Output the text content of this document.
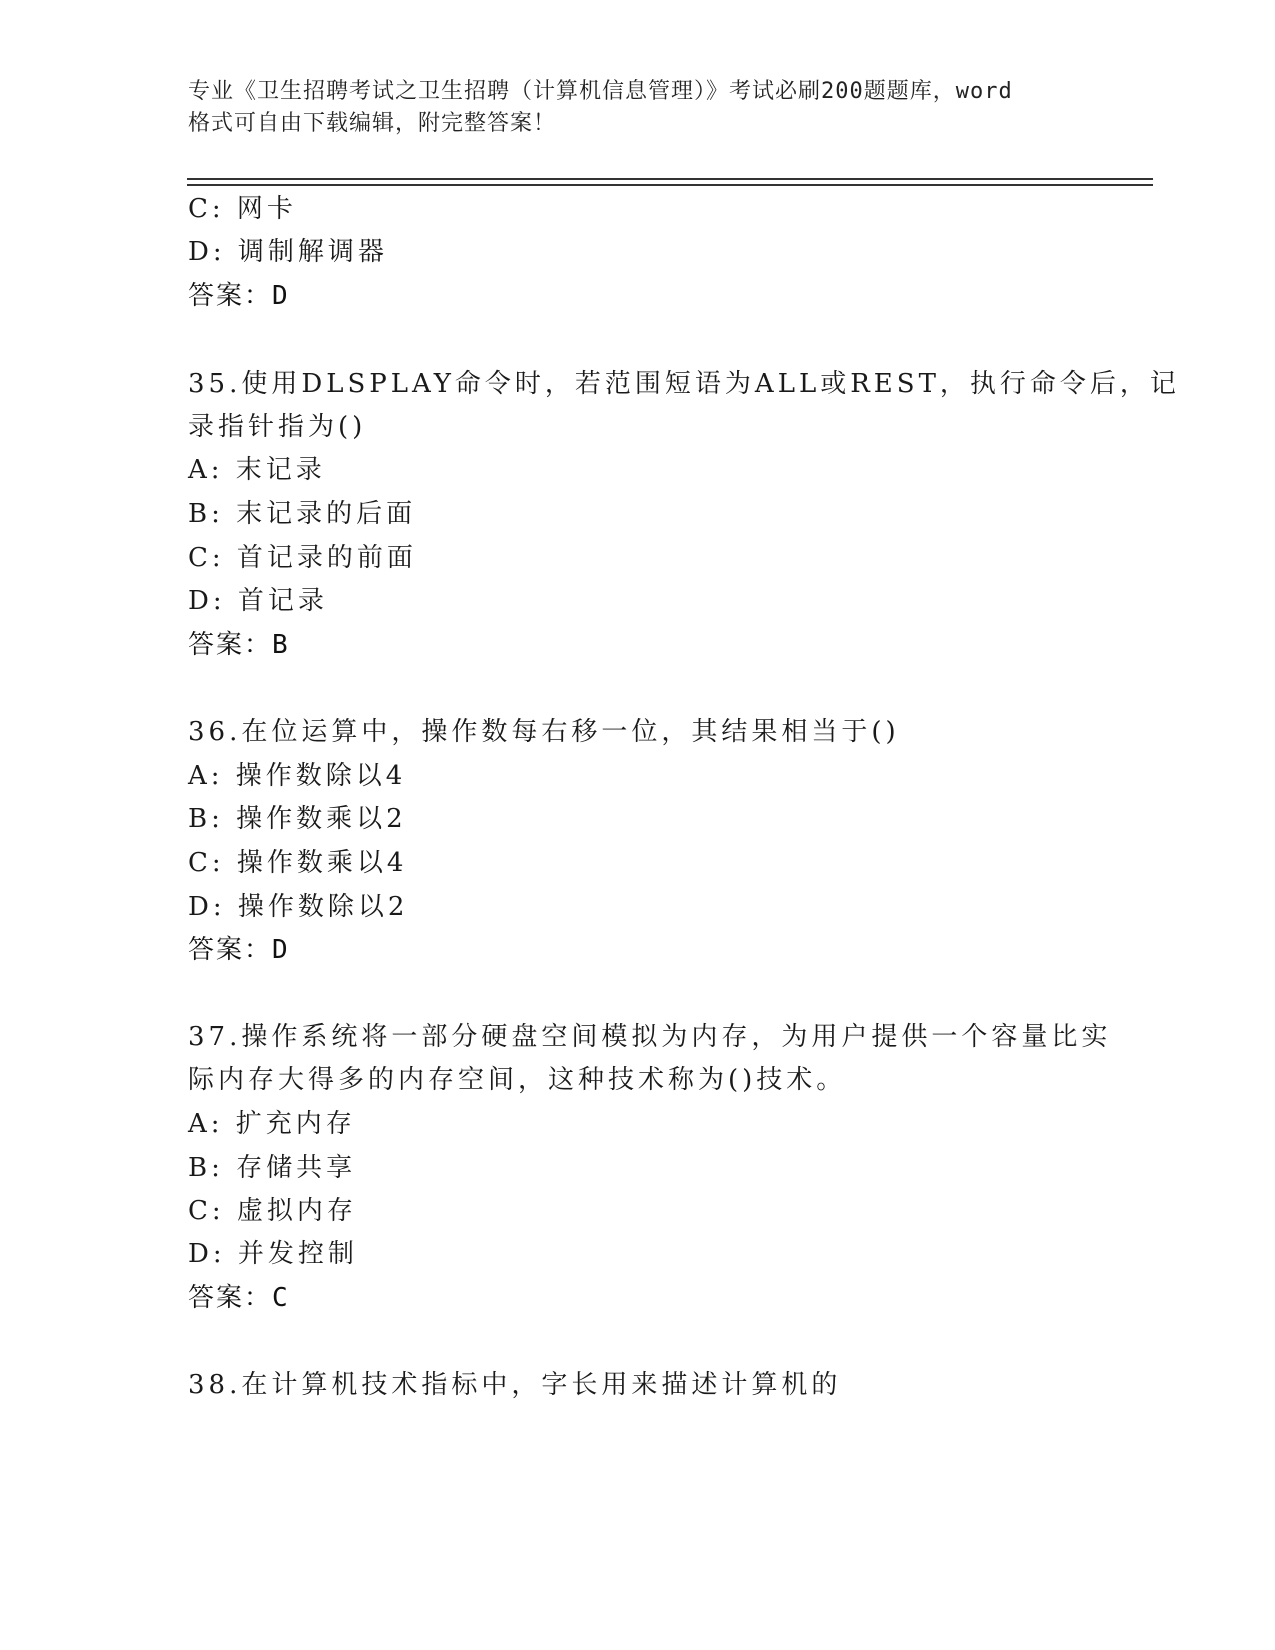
专业《卫生招聘考试之卫生招聘（计算机信息管理）》考试必刷200题题库，word
格式可自由下载编辑，附完整答案！
C: 网卡
D: 调制解调器
答案：D
35.使用DLSPLAY命令时，若范围短语为ALL或REST，执行命令后，记
录指针指为()
A: 末记录
B: 末记录的后面
C: 首记录的前面
D: 首记录
答案：B
36.在位运算中，操作数每右移一位，其结果相当于()
A: 操作数除以4
B: 操作数乘以2
C: 操作数乘以4
D: 操作数除以2
答案：D
37.操作系统将一部分硬盘空间模拟为内存，为用户提供一个容量比实
际内存大得多的内存空间，这种技术称为()技术。
A: 扩充内存
B: 存储共享
C: 虚拟内存
D: 并发控制
答案：C
38.在计算机技术指标中，字长用来描述计算机的
